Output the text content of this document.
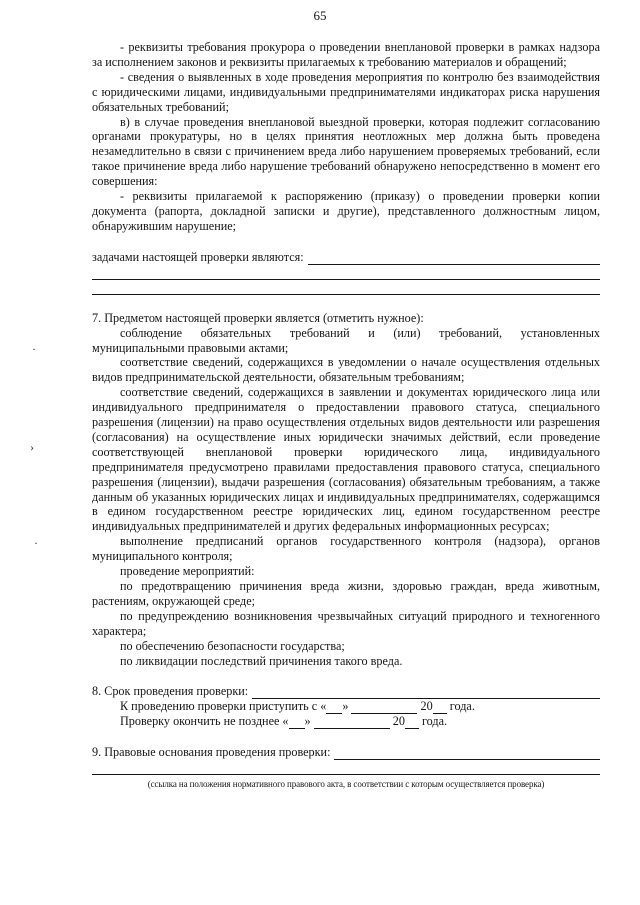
65
·
›
·

- реквизиты требования прокурора о проведении внеплановой проверки в рамках надзора за исполнением законов и реквизиты прилагаемых к требованию материалов и обращений;

- сведения о выявленных в ходе проведения мероприятия по контролю без взаимодействия с юридическими лицами, индивидуальными предпринимателями индикаторах риска нарушения обязательных требований;

в) в случае проведения внеплановой выездной проверки, которая подлежит согласованию органами прокуратуры, но в целях принятия неотложных мер должна быть проведена незамедлительно в связи с причинением вреда либо нарушением проверяемых требований, если такое причинение вреда либо нарушение требований обнаружено непосредственно в момент его совершения:

- реквизиты прилагаемой к распоряжению (приказу) о проведении проверки копии документа (рапорта, докладной записки и другие), представленного должностным лицом, обнаружившим нарушение;

задачами настоящей проверки являются:

7. Предметом настоящей проверки является (отметить нужное):

соблюдение обязательных требований и (или) требований, установленных муниципальными правовыми актами;

соответствие сведений, содержащихся в уведомлении о начале осуществления отдельных видов предпринимательской деятельности, обязательным требованиям;

соответствие сведений, содержащихся в заявлении и документах юридического лица или индивидуального предпринимателя о предоставлении правового статуса, специального разрешения (лицензии) на право осуществления отдельных видов деятельности или разрешения (согласования) на осуществление иных юридически значимых действий, если проведение соответствующей внеплановой проверки юридического лица, индивидуального предпринимателя предусмотрено правилами предоставления правового статуса, специального разрешения (лицензии), выдачи разрешения (согласования) обязательным требованиям, а также данным об указанных юридических лицах и индивидуальных предпринимателях, содержащимся в едином государственном реестре юридических лиц, едином государственном реестре индивидуальных предпринимателей и других федеральных информационных ресурсах;

выполнение предписаний органов государственного контроля (надзора), органов муниципального контроля;

проведение мероприятий:

по предотвращению причинения вреда жизни, здоровью граждан, вреда животным, растениям, окружающей среде;

по предупреждению возникновения чрезвычайных ситуаций природного и техногенного характера;

по обеспечению безопасности государства;

по ликвидации последствий причинения такого вреда.

8. Срок проведения проверки:

К проведению проверки приступить с « »	20 года.

Проверку окончить не позднее « »	20 года.

9. Правовые основания проведения проверки:

(ссылка на положения нормативного правового акта, в соответствии с которым осуществляется проверка)
